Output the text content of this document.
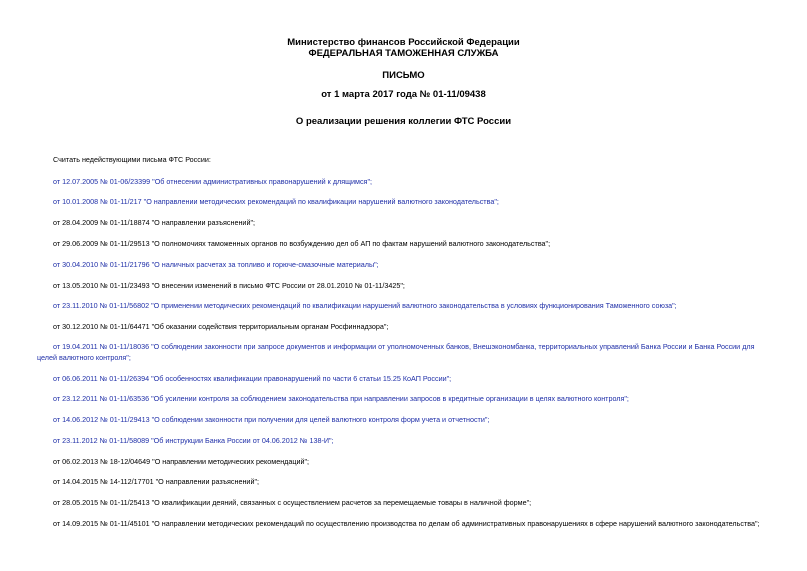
Министерство финансов Российской Федерации
ФЕДЕРАЛЬНАЯ ТАМОЖЕННАЯ СЛУЖБА
ПИСЬМО
от 1 марта 2017 года № 01-11/09438
О реализации решения коллегии ФТС России
Считать недействующими письма ФТС России:
от 12.07.2005 № 01-06/23399 "Об отнесении административных правонарушений к длящимся";
от 10.01.2008 № 01-11/217 "О направлении методических рекомендаций по квалификации нарушений валютного законодательства";
от 28.04.2009 № 01-11/18874 "О направлении разъяснений";
от 29.06.2009 № 01-11/29513 "О полномочиях таможенных органов по возбуждению дел об АП по фактам нарушений валютного законодательства";
от 30.04.2010 № 01-11/21796 "О наличных расчетах за топливо и горюче-смазочные материалы";
от 13.05.2010 № 01-11/23493 "О внесении изменений в письмо ФТС России от 28.01.2010 № 01-11/3425";
от 23.11.2010 № 01-11/56802 "О применении методических рекомендаций по квалификации нарушений валютного законодательства в условиях функционирования Таможенного союза";
от 30.12.2010 № 01-11/64471 "Об оказании содействия территориальным органам Росфиннадзора";
от 19.04.2011 № 01-11/18036 "О соблюдении законности при запросе документов и информации от уполномоченных банков, Внешэкономбанка, территориальных управлений Банка России и Банка России для целей валютного контроля";
от 06.06.2011 № 01-11/26394 "Об особенностях квалификации правонарушений по части 6 статьи 15.25 КоАП России";
от 23.12.2011 № 01-11/63536 "Об усилении контроля за соблюдением законодательства при направлении запросов в кредитные организации в целях валютного контроля";
от 14.06.2012 № 01-11/29413 "О соблюдении законности при получении для целей валютного контроля форм учета и отчетности";
от 23.11.2012 № 01-11/58089 "Об инструкции Банка России от 04.06.2012 № 138-И";
от 06.02.2013 № 18-12/04649 "О направлении методических рекомендаций";
от 14.04.2015 № 14-112/17701 "О направлении разъяснений";
от 28.05.2015 № 01-11/25413 "О квалификации деяний, связанных с осуществлением расчетов за перемещаемые товары в наличной форме";
от 14.09.2015 № 01-11/45101 "О направлении методических рекомендаций по осуществлению производства по делам об административных правонарушениях в сфере нарушений валютного законодательства";
